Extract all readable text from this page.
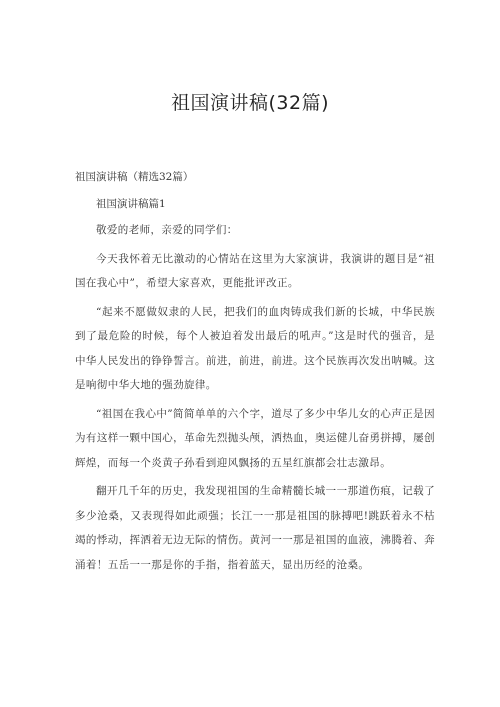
祖国演讲稿(32篇)

祖国演讲稿（精选32篇）

祖国演讲稿篇1

敬爱的老师，亲爱的同学们：

今天我怀着无比激动的心情站在这里为大家演讲，我演讲的题目是“祖国在我心中”，希望大家喜欢，更能批评改正。

“起来不愿做奴隶的人民，把我们的血肉铸成我们新的长城，中华民族到了最危险的时候，每个人被迫着发出最后的吼声。”这是时代的强音，是中华人民发出的铮铮誓言。前进，前进，前进。这个民族再次发出呐喊。这是响彻中华大地的强劲旋律。

“祖国在我心中”简简单单的六个字，道尽了多少中华儿女的心声正是因为有这样一颗中国心，革命先烈抛头颅，洒热血，奥运健儿奋勇拼搏，屡创辉煌，而每一个炎黄子孙看到迎风飘扬的五星红旗都会壮志激昂。

翻开几千年的历史，我发现祖国的生命精髓长城一一那道伤痕，记载了多少沧桑，又表现得如此顽强；长江一一那是祖国的脉搏吧!跳跃着永不枯竭的悸动，挥洒着无边无际的情伤。黄河一一那是祖国的血液，沸腾着、奔涌着！五岳一一那是你的手指，指着蓝天，显出历经的沧桑。
